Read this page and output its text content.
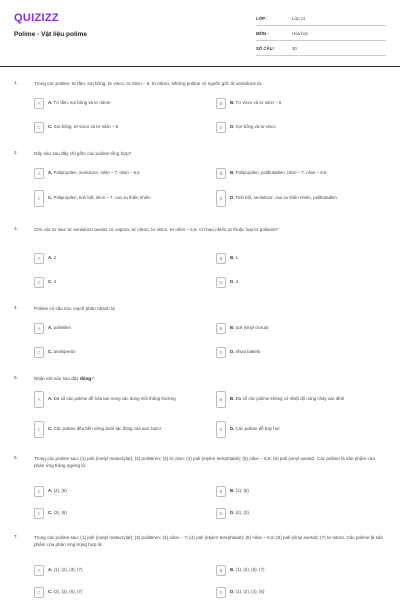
QUIZIZZ
Polime - Vật liệu polime
LỚP :	Lớp 11
MÔN :	Hóa học
SỐ CÂU :	30
1.	Trong các polime: tơ tằm, sợi bông, tơ visco, tơ nilon – 6, tơ nitron. Những polime có nguồn gốc từ xenlulozơ là:
A	A. Tơ tằm, sợi bông và tơ nitron	B	B. Tơ visco và tơ nilon – 6
C	C. Sợi bông, tơ visco và tơ nilon – 6	D	D. Sợi bông và tơ visco
2.	Dãy nào sau đây chỉ gồm các polime tổng hợp?
A	A. Polipropilen, xenlulozơ, nilon – 7, nilon – 6,6	B	B. Polipropilen, polibutađien, nilon – 7, nilon – 6,6
C	C. Polipropilen, tinh bột, nilon – 7, cao su thiên nhiên	D	D. Tinh bột, xenlulozơ, cao su thiên nhiên, polibutađien
3.	Cho các tơ sau: tơ xenlulozơ axetat, tơ capron, tơ nitron, tơ visco, tơ nilon – 6,6. Có bao nhiêu tơ thuộc loại tơ poliamit?
A	A. 2	B	B. 1
C	C. 4	D	D. 3
4.	Polime có cấu trúc mạch phân nhánh là
A	A. polietilen	B	B. poli (vinyl clorua)
C	C. amilopectin	D	D. nhựa bakelit
5.	Nhận xét nào sau đây đúng?
A	A. Đa số các polime dễ hòa tan trong các dung môi thông thường	B	B. Đa số các polime không có nhiệt độ nóng chảy xác định
C	C. Các polime đều bền vững dưới tác động của axit, bazơ	D	D. Các polime dễ bay hơi
6.	Trong các polime sau: (1) poli (metyl metacrylat); (2) polistiren; (3) tơ olon; (4) poli (etylen terephtalat); (5) nilon – 6,6; (6) poli (vinyl axetat). Các polime là sản phẩm của phản ứng trùng ngưng là:
A	A. (4), (5)	B	B. (1), (5)
C	C. (3), (6)	D	D. (2), (3)
7.	Trong các polime sau: (1) poli (metyl metacrylat); (2) polistiren; (3) nilon – 7; (4) poli (etylen terephtalat); (5) nilon – 6,6; (6) poli (vinyl axetat); (7) tơ nitron. Các polime là sản phẩm của phản ứng trùng hợp là:
A	A. (1), (2), (3), (7)	B	B. (1), (2), (6), (7)
C	C. (2), (3), (6), (7)	D	D. (1), (2), (4), (6)
